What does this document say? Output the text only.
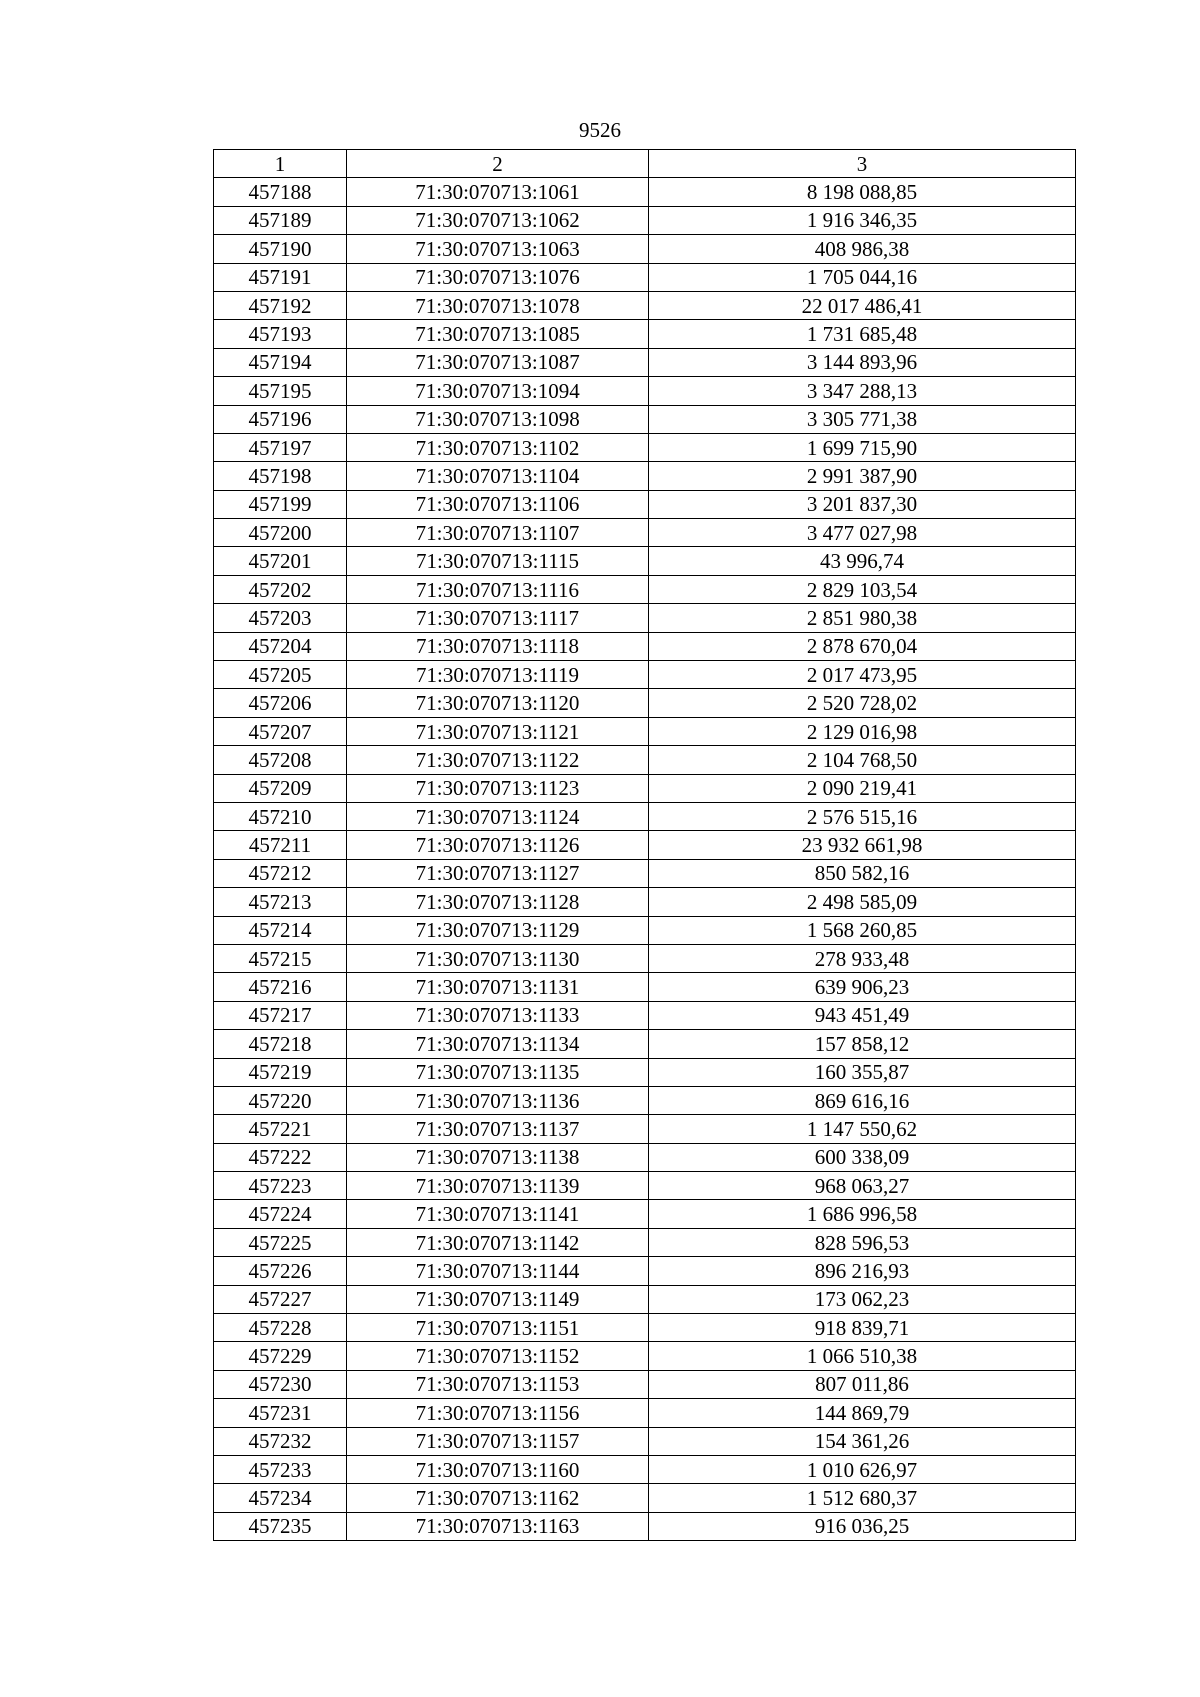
9526
1	2	3
457188	71:30:070713:1061	8 198 088,85
457189	71:30:070713:1062	1 916 346,35
457190	71:30:070713:1063	408 986,38
457191	71:30:070713:1076	1 705 044,16
457192	71:30:070713:1078	22 017 486,41
457193	71:30:070713:1085	1 731 685,48
457194	71:30:070713:1087	3 144 893,96
457195	71:30:070713:1094	3 347 288,13
457196	71:30:070713:1098	3 305 771,38
457197	71:30:070713:1102	1 699 715,90
457198	71:30:070713:1104	2 991 387,90
457199	71:30:070713:1106	3 201 837,30
457200	71:30:070713:1107	3 477 027,98
457201	71:30:070713:1115	43 996,74
457202	71:30:070713:1116	2 829 103,54
457203	71:30:070713:1117	2 851 980,38
457204	71:30:070713:1118	2 878 670,04
457205	71:30:070713:1119	2 017 473,95
457206	71:30:070713:1120	2 520 728,02
457207	71:30:070713:1121	2 129 016,98
457208	71:30:070713:1122	2 104 768,50
457209	71:30:070713:1123	2 090 219,41
457210	71:30:070713:1124	2 576 515,16
457211	71:30:070713:1126	23 932 661,98
457212	71:30:070713:1127	850 582,16
457213	71:30:070713:1128	2 498 585,09
457214	71:30:070713:1129	1 568 260,85
457215	71:30:070713:1130	278 933,48
457216	71:30:070713:1131	639 906,23
457217	71:30:070713:1133	943 451,49
457218	71:30:070713:1134	157 858,12
457219	71:30:070713:1135	160 355,87
457220	71:30:070713:1136	869 616,16
457221	71:30:070713:1137	1 147 550,62
457222	71:30:070713:1138	600 338,09
457223	71:30:070713:1139	968 063,27
457224	71:30:070713:1141	1 686 996,58
457225	71:30:070713:1142	828 596,53
457226	71:30:070713:1144	896 216,93
457227	71:30:070713:1149	173 062,23
457228	71:30:070713:1151	918 839,71
457229	71:30:070713:1152	1 066 510,38
457230	71:30:070713:1153	807 011,86
457231	71:30:070713:1156	144 869,79
457232	71:30:070713:1157	154 361,26
457233	71:30:070713:1160	1 010 626,97
457234	71:30:070713:1162	1 512 680,37
457235	71:30:070713:1163	916 036,25
